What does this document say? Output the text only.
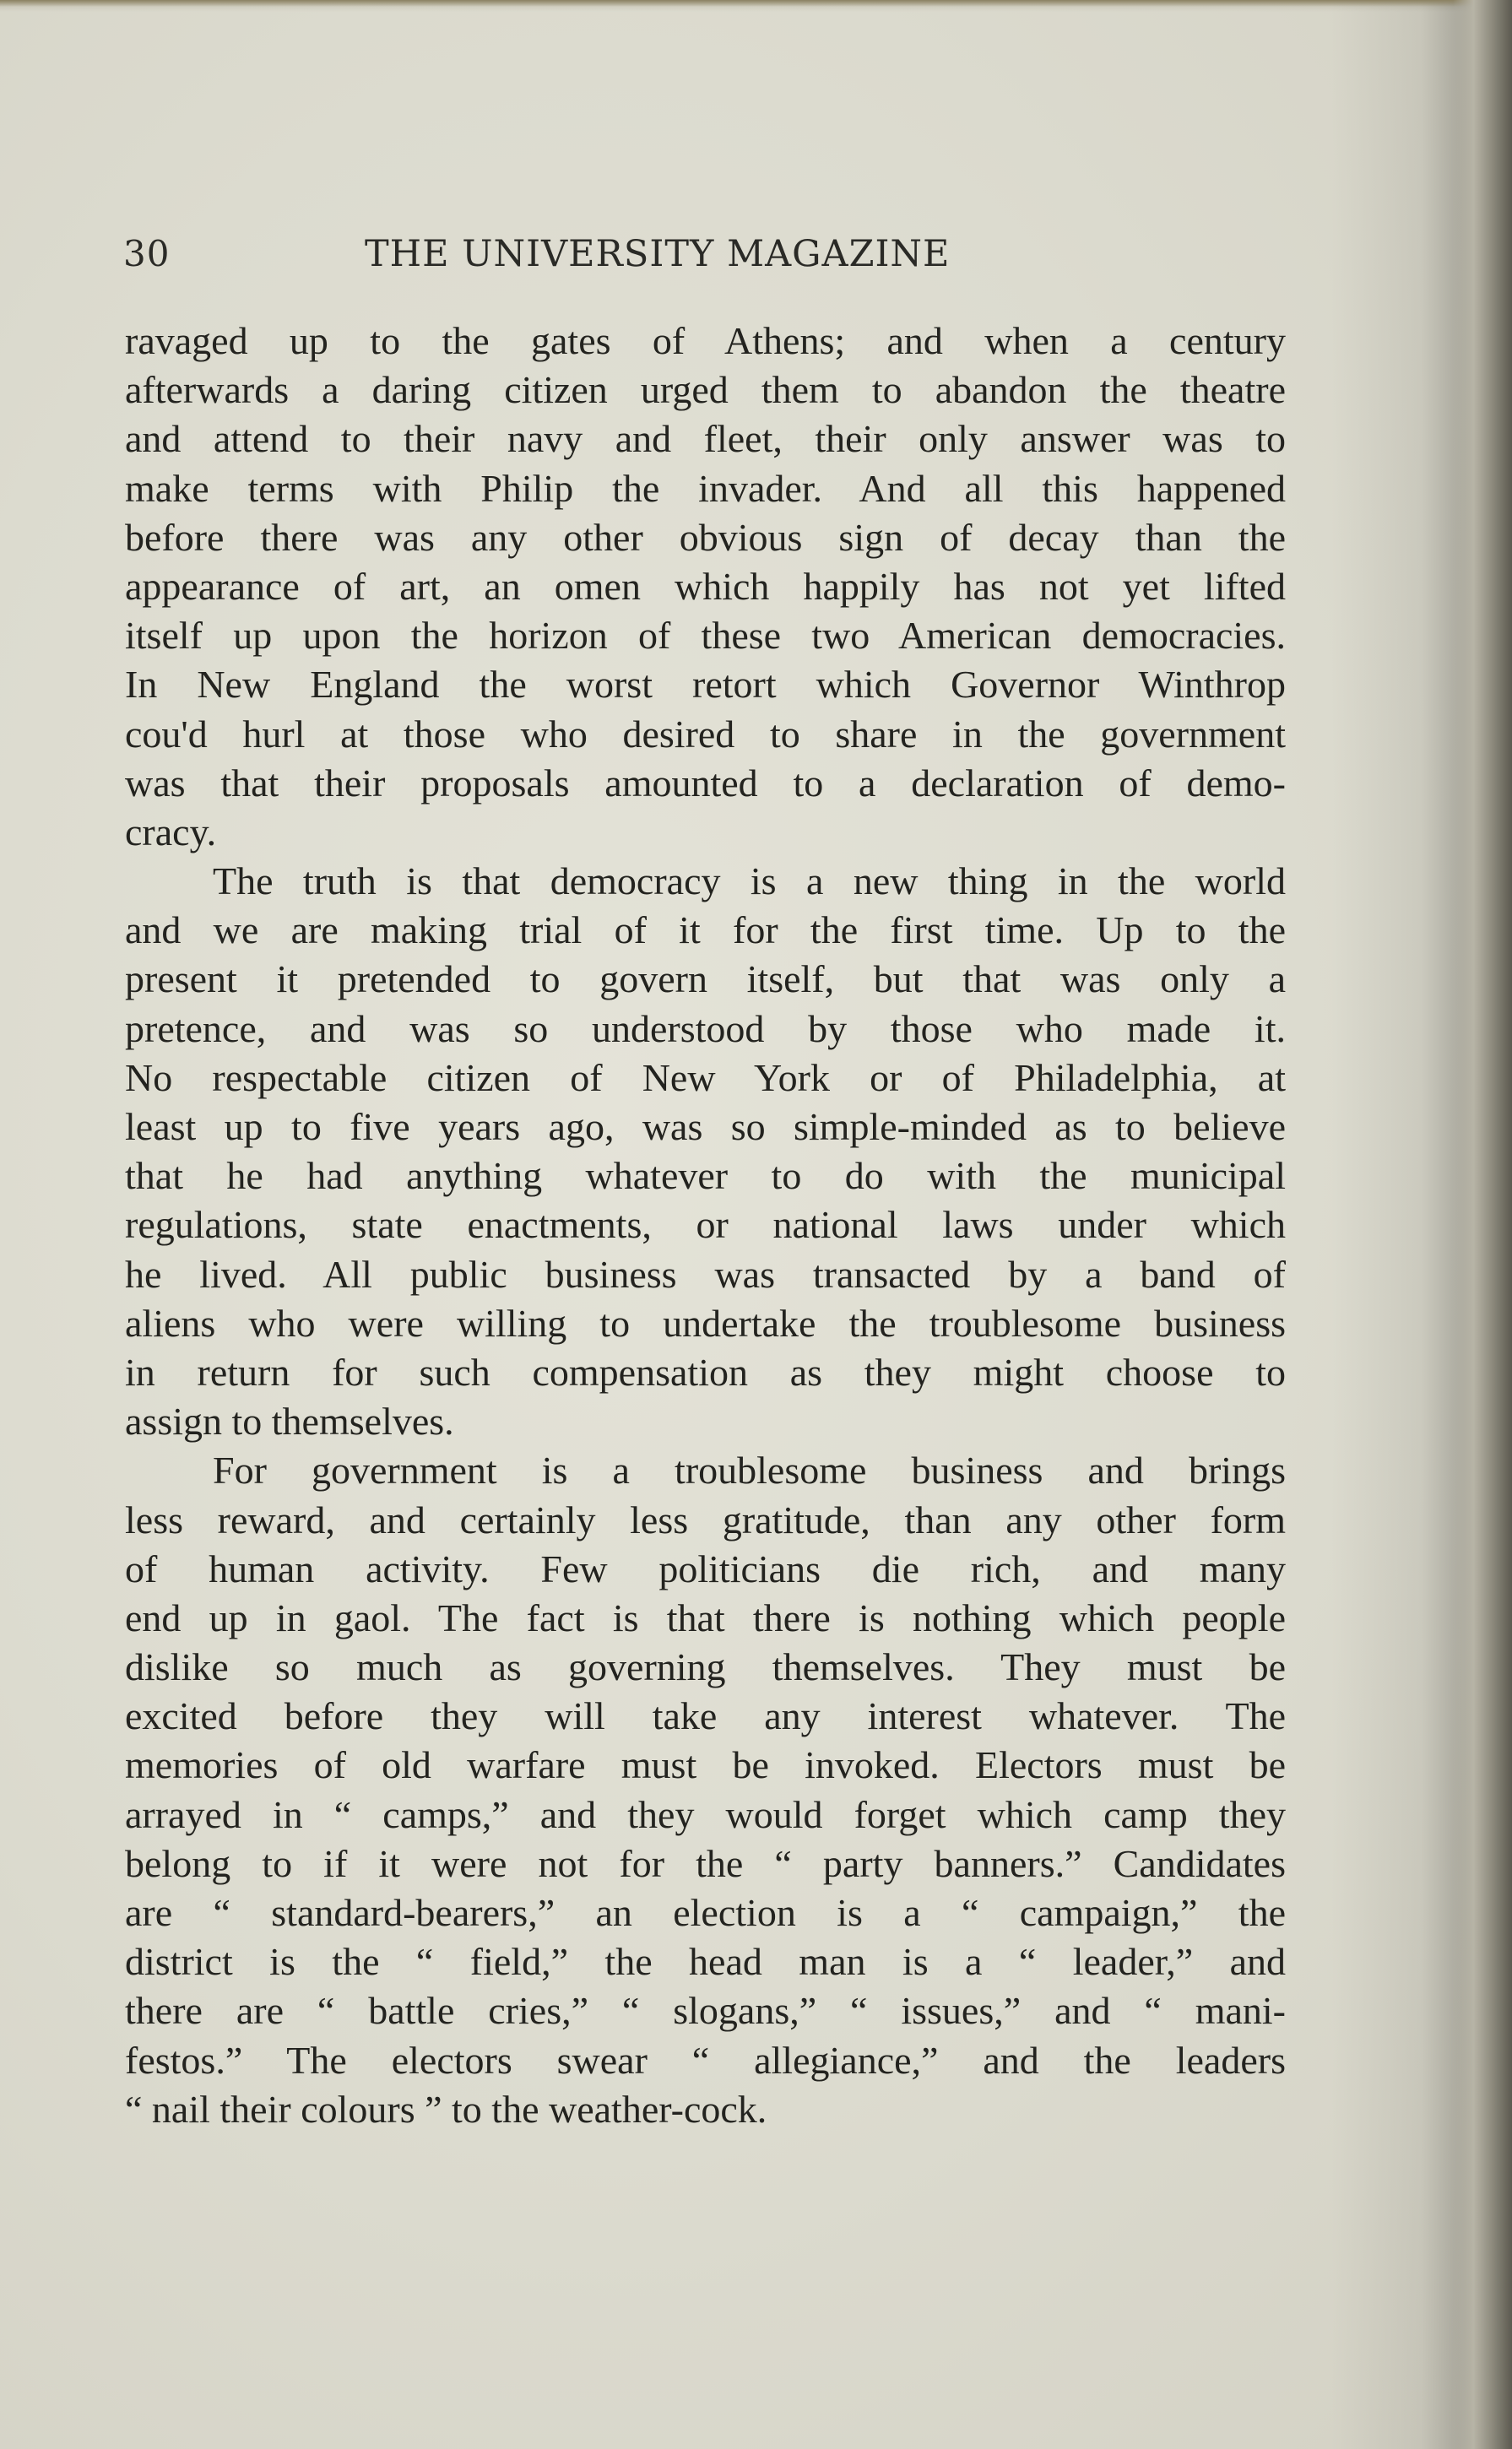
30	THE UNIVERSITY MAGAZINE
ravaged up to the gates of Athens; and when a century
afterwards a daring citizen urged them to abandon the theatre
and attend to their navy and fleet, their only answer was to
make terms with Philip the invader. And all this happened
before there was any other obvious sign of decay than the
appearance of art, an omen which happily has not yet lifted
itself up upon the horizon of these two American democracies.
In New England the worst retort which Governor Winthrop
cou'd hurl at those who desired to share in the government
was that their proposals amounted to a declaration of demo-
cracy.
The truth is that democracy is a new thing in the world
and we are making trial of it for the first time. Up to the
present it pretended to govern itself, but that was only a
pretence, and was so understood by those who made it.
No respectable citizen of New York or of Philadelphia, at
least up to five years ago, was so simple-minded as to believe
that he had anything whatever to do with the municipal
regulations, state enactments, or national laws under which
he lived. All public business was transacted by a band of
aliens who were willing to undertake the troublesome business
in return for such compensation as they might choose to
assign to themselves.
For government is a troublesome business and brings
less reward, and certainly less gratitude, than any other form
of human activity. Few politicians die rich, and many
end up in gaol. The fact is that there is nothing which people
dislike so much as governing themselves. They must be
excited before they will take any interest whatever. The
memories of old warfare must be invoked. Electors must be
arrayed in “ camps,” and they would forget which camp they
belong to if it were not for the “ party banners.” Candidates
are “ standard-bearers,” an election is a “ campaign,” the
district is the “ field,” the head man is a “ leader,” and
there are “ battle cries,” “ slogans,” “ issues,” and “ mani-
festos.” The electors swear “ allegiance,” and the leaders
“ nail their colours ” to the weather-cock.
